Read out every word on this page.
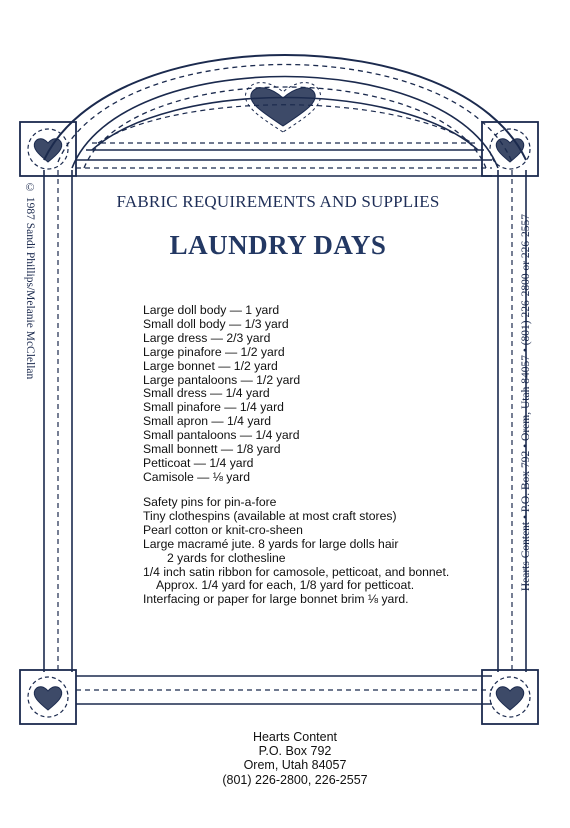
FABRIC REQUIREMENTS AND SUPPLIES
LAUNDRY DAYS
© 1987 Sandi Phillips/Melanie McClellan	Hearts Content • P.O. Box 792 • Orem, Utah 84057 • (801) 226-2800 or 226-2557
Large doll body — 1 yard
Small doll body — 1/3 yard
Large dress — 2/3 yard
Large pinafore — 1/2 yard
Large bonnet — 1/2 yard
Large pantaloons — 1/2 yard
Small dress — 1/4 yard
Small pinafore — 1/4 yard
Small apron — 1/4 yard
Small pantaloons — 1/4 yard
Small bonnett — 1/8 yard
Petticoat — 1/4 yard
Camisole — ⅛ yard
Safety pins for pin-a-fore
Tiny clothespins (available at most craft stores)
Pearl cotton or knit-cro-sheen
Large macramé jute. 8 yards for large dolls hair
2 yards for clothesline
1/4 inch satin ribbon for camosole, petticoat, and bonnet.
Approx. 1/4 yard for each, 1/8 yard for petticoat.
Interfacing or paper for large bonnet brim ⅛ yard.
Hearts Content
P.O. Box 792
Orem, Utah 84057
(801) 226-2800, 226-2557
